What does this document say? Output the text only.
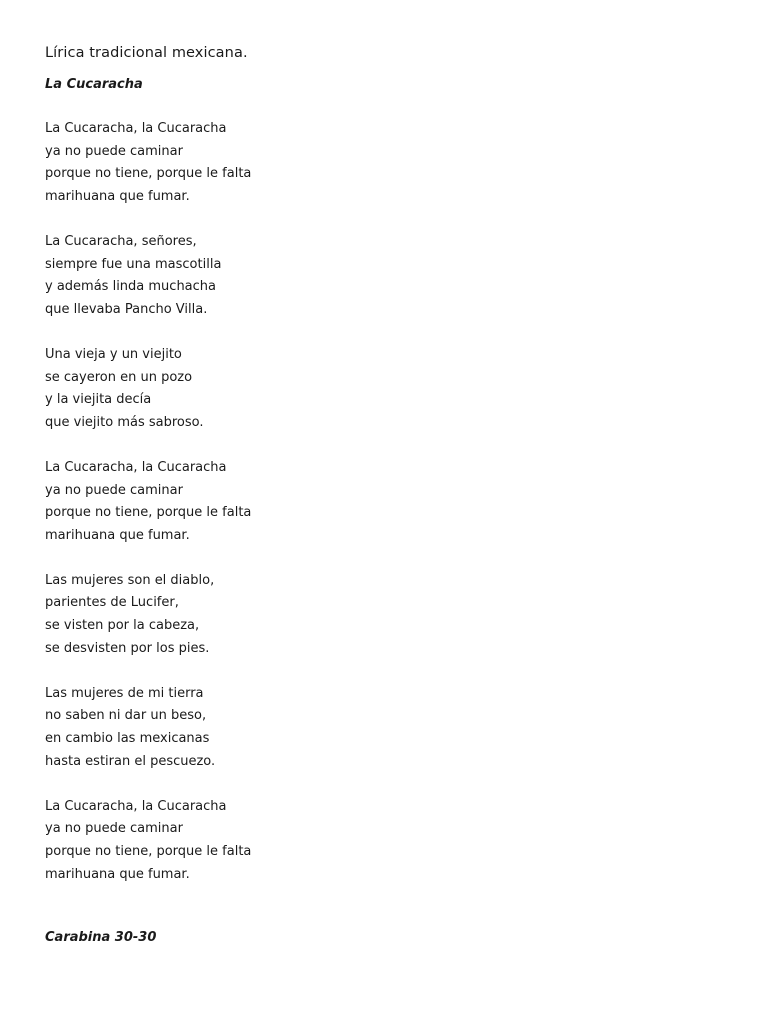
Lírica tradicional mexicana.
La Cucaracha
La Cucaracha, la Cucaracha
ya no puede caminar
porque no tiene, porque le falta
marihuana que fumar.
La Cucaracha, señores,
siempre fue una mascotilla
y además linda muchacha
que llevaba Pancho Villa.
Una vieja y un viejito
se cayeron en un pozo
y la viejita decía
que viejito más sabroso.
La Cucaracha, la Cucaracha
ya no puede caminar
porque no tiene, porque le falta
marihuana que fumar.
Las mujeres son el diablo,
parientes de Lucifer,
se visten por la cabeza,
se desvisten por los pies.
Las mujeres de mi tierra
no saben ni dar un beso,
en cambio las mexicanas
hasta estiran el pescuezo.
La Cucaracha, la Cucaracha
ya no puede caminar
porque no tiene, porque le falta
marihuana que fumar.
Carabina 30-30
